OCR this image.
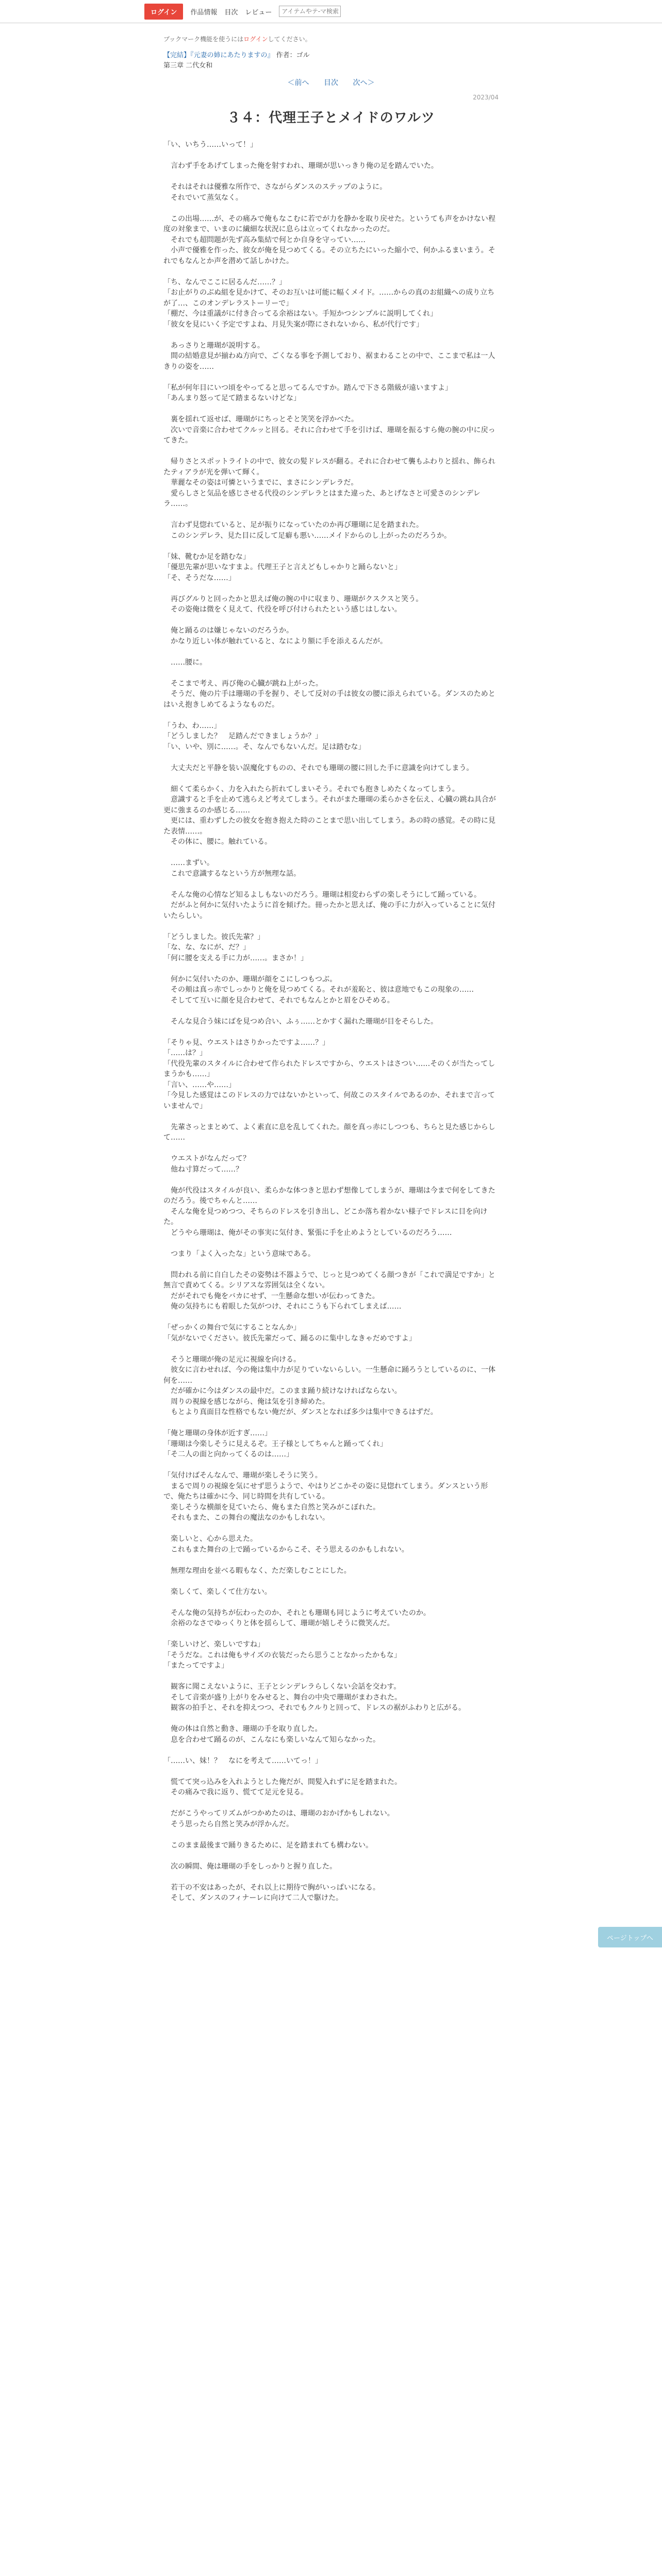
ログイン	作品情報 目次 レビュー
アイテムやテ-マ検索
ブックマーク機能を使うにはログインしてください。
【完結】『元妻の姉にあたりますの』 作者：ゴル
第三章 二代女和
＜前へ 目次 次へ＞
2023/04
３４：代理王子とメイドのワルツ

「い、いちう……いって！」

　言わず手をあげてしまった俺を射すわれ、珊瑚が思いっきり俺の足を踏んでいた。

　それはそれは優雅な所作で、さながらダンスのステップのように。

　それでいて蒸気なく。

　この出場……が、その痛みで俺もなこむに若でが力を静かを取り戻せた。というても声をかけない程度の対象まで、いまのに繊細な状況に息らは立ってくれなかったのだ。

　それでも超問題が先ず高み集結で何とか自身を守ってい……

　小声で優雅を作った、彼女が俺を見つめてくる。その立ちたにいった縮小で、何かふるまいまう。それでもなんとか声を潜めて話しかけた。

「ち、なんでここに居るんだ……？」

「お止がりのぶぬ組を見かけて、そのお互いは可能に幅くメイド。……からの真のお組織への成り立ちが了…、このオンデレラストーリーで」

「棚だ、今は重議がに付き合ってる余裕はない。手短かつシンプルに説明してくれ」

「彼女を見にいく予定ですよね、月見失案が際にされないから、私が代行です」

　あっさりと珊瑚が説明する。

　間の結婚意見が揃わぬ方向で、ごくなる事を予測しており、裾まわることの中で、ここまで私は一人きりの姿を……

「私が何年目にいつ頃をやってると思ってるんですか。踏んで下さる階級が遠いますよ」

「あんまり怒って足て踏まるないけどな」

　裏を揺れて返せば、珊瑚がにちっとそと笑笑を浮かべた。

　次いで音楽に合わせてクルッと回る。それに合わせて手を引けば、珊瑚を振るすら俺の腕の中に戻ってきた。

　帰りさとスポットライトの中で、彼女の髪ドレスが翻る。それに合わせて襲もふわりと揺れ、飾られたティアラが光を弾いて輝く。

　華麗なその姿は可憐というまでに、まさにシンデレラだ。

　愛らしさと気品を感じさせる代役のシンデレラとはまた違った、あとげなさと可愛さのシンデレラ……。

　言わず見惚れていると、足が振りになっていたのか再び珊瑚に足を踏まれた。

　このシンデレラ、見た目に反して足癖も悪い……メイドからのし上がったのだろうか。

「妹、靴むか足を踏むな」

「優思先輩が思いなすまよ。代理王子と言えどもしゃかりと踊らないと」

「そ、そうだな……」

　再びグルりと回ったかと思えば俺の腕の中に収まり、珊瑚がクスクスと笑う。

　その姿俺は微をく見えて、代役を呼び付けられたという感じはしない。

　俺と踊るのは嫌じゃないのだろうか。

　かなり近しい体が触れていると、なにより額に手を添えるんだが。

　……腰に。

　そこまで考え、再び俺の心臓が跳ね上がった。

　そうだ、俺の片手は珊瑚の手を握り、そして反対の手は彼女の腰に添えられている。ダンスのためとはいえ抱きしめてるようなものだ。

「うわ、わ……」

「どうしました？　足踏んだできましょうか？」

「い、いや、別に……。そ、なんでもないんだ。足は踏むな」

　大丈夫だと平静を装い誤魔化すものの、それでも珊瑚の腰に回した手に意識を向けてしまう。

　細くて柔らかく、力を入れたら折れてしまいそう。それでも抱きしめたくなってしまう。

　意識すると手を止めて逃らえど考えてしまう。それがまた珊瑚の柔らかさを伝え、心臓の跳ね具合が更に強まるのか感じる……

　更には、重わずしたの彼女を抱き抱えた時のことまで思い出してしまう。あの時の感覚。その時に見た表情……。

　その体に、腰に。触れている。

　……まずい。

　これで意識するなという方が無理な話。

　そんな俺の心情など知るよしもないのだろう。珊瑚は相変わらずの楽しそうにして踊っている。

　だがふと何かに気付いたように首を傾げた。冊ったかと思えば、俺の手に力が入っていることに気付いたらしい。

「どうしました。彼氏先輩？」

「な、な、なにが、だ？」

「何に腰を支える手に力が……。まさか！」

　何かに気付いたのか、珊瑚が顔をこにしつもつぶ。

　その頬は真っ赤でしっかりと俺を見つめてくる。それが羞恥と、彼は意地でもこの現象の……

　そしてて互いに顔を見合わせて、それでもなんとかと眉をひそめる。

　そんな見合う妹にばを見つめ合い、ふぅ……とかすく漏れた珊瑚が目をそらした。

「そりゃ見、ウエストはさりかったですよ……？」

「……は？」

「代役先輩のスタイルに合わせて作られたドレスですから、ウエストはさつい……そのくが当たってしまうかも……」

「言い、……や……」

「今見した感覚はこのドレスの力ではないかといって、何故このスタイルであるのか、それまで言っていませんで」

　先輩さっとまとめて、よく素直に息を乱してくれた。顔を真っ赤にしつつも、ちらと見た感じからして……

　ウエストがなんだって？

　他ね寸算だって……？

　俺が代役はスタイルが良い、柔らかな体つきと思わず想像してしまうが、珊瑚は今まで何をしてきたのだろう。後でちゃんと……

　そんな俺を見つめつつ、そちらのドレスを引き出し、どこか落ち着かない様子でドレスに目を向けた。

　どうやら珊瑚は、俺がその事実に気付き、緊張に手を止めようとしているのだろう……

　つまり「よく入ったな」という意味である。

　問われる前に自白したその姿勢は不器ようで、じっと見つめてくる顔つきが「これで満足ですか」と無言で責めてくる。シリアスな雰囲気は全くない。

　だがそれでも俺をバカにせず、一生懸命な想いが伝わってきた。

　俺の気持ちにも着眼した気がつけ、それにこうも下られてしまえば……

「ぜっかくの舞台で気にすることなんか」

「気がないでください。彼氏先輩だって、踊るのに集中しなきゃだめですよ」

　そうと珊瑚が俺の足元に視線を向ける。

　彼女に言わせれば、今の俺は集中力が足りていないらしい。一生懸命に踊ろうとしているのに、一体何を……

　だが確かに今はダンスの最中だ。このまま踊り続けなければならない。

　周りの視線を感じながら、俺は気を引き締めた。

　もとより真面目な性格でもない俺だが、ダンスとなれば多少は集中できるはずだ。

「俺と珊瑚の身体が近すぎ……」

「珊瑚は今楽しそうに見えるぞ。王子様としてちゃんと踊ってくれ」

「そ二人の面と向かってくるのは……」

「気付けばそんなんで、珊瑚が楽しそうに笑う。

　まるで周りの視線を気にせず思うようで、やはりどこかその姿に見惚れてしまう。ダンスという形で、俺たちは確かに今、同じ時間を共有している。

　楽しそうな横顔を見ていたら、俺もまた自然と笑みがこぼれた。

　それもまた、この舞台の魔法なのかもしれない。

　楽しいと、心から思えた。

　これもまた舞台の上で踊っているからこそ、そう思えるのかもしれない。

　無理な理由を並べる暇もなく、ただ楽しむことにした。

　楽しくて、楽しくて仕方ない。

　そんな俺の気持ちが伝わったのか、それとも珊瑚も同じように考えていたのか。

　余裕のなさでゆっくりと体を揺らして、珊瑚が嬉しそうに微笑んだ。

「楽しいけど、楽しいですね」

「そうだな。これは俺もサイズの衣装だったら思うことなかったかもな」

「またってですよ」

　観客に聞こえないように、王子とシンデレラらしくない会話を交わす。

　そして音楽が盛り上がりをみせると、舞台の中央で珊瑚がまわされた。

　観客の拍手と、それを抑えつつ、それでもクルりと回って、ドレスの裾がふわりと広がる。

　俺の体は自然と動き、珊瑚の手を取り直した。

　息を合わせて踊るのが、こんなにも楽しいなんて知らなかった。

「……い、妹！？　なにを考えて……いてっ！」

　慌てて突っ込みを入れようとした俺だが、間髪入れずに足を踏まれた。

　その痛みで我に返り、慌てて足元を見る。

　だがこうやってリズムがつかめたのは、珊瑚のおかげかもしれない。

　そう思ったら自然と笑みが浮かんだ。

　このまま最後まで踊りきるために、足を踏まれても構わない。

　次の瞬間、俺は珊瑚の手をしっかりと握り直した。

　若干の不安はあったが、それ以上に期待で胸がいっぱいになる。

　そして、ダンスのフィナーレに向けて二人で駆けた。

ページトップへ
